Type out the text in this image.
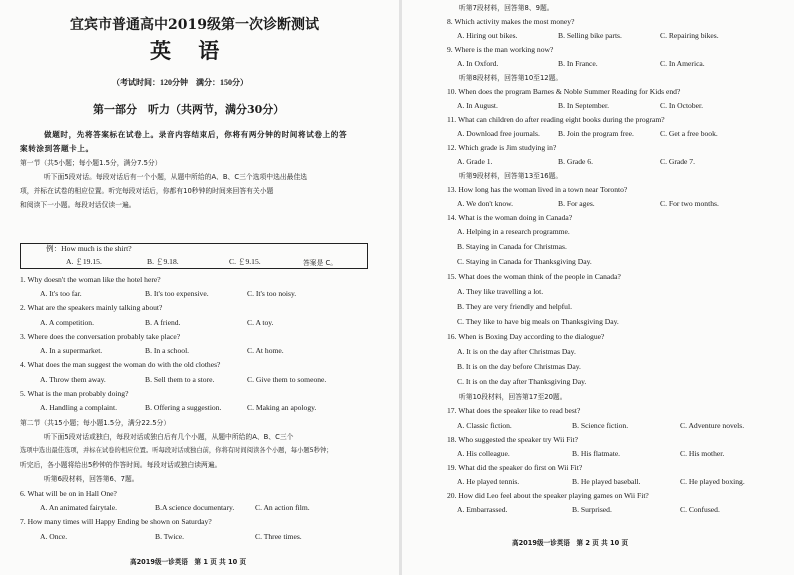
宜宾市普通高中2019级第一次诊断测试
英 语
（考试时间：120分钟　满分：150分）
第一部分　听力（共两节，满分30分）
做题时，先将答案标在试卷上。录音内容结束后，你将有两分钟的时间将试卷上的答
案转涂到答题卡上。
第一节（共5小题；每小题1.5分，满分7.5分）
听下面5段对话。每段对话后有一个小题，从题中所给的A、B、C三个选项中选出最佳选
项，并标在试卷的相应位置。听完每段对话后，你都有10秒钟的时间来回答有关小题
和阅读下一小题。每段对话仅读一遍。
例：How much is the shirt?
A. ￡19.15.	B. ￡9.18.	C. ￡9.15.	答案是 C。
1. Why doesn't the woman like the hotel here?
A. It's too far.	B. It's too expensive.	C. It's too noisy.
2. What are the speakers mainly talking about?
A. A competition.	B. A friend.	C. A toy.
3. Where does the conversation probably take place?
A. In a supermarket.	B. In a school.	C. At home.
4. What does the man suggest the woman do with the old clothes?
A. Throw them away.	B. Sell them to a store.	C. Give them to someone.
5. What is the man probably doing?
A. Handling a complaint.	B. Offering a suggestion.	C. Making an apology.
第二节（共15小题；每小题1.5分，满分22.5分）
听下面5段对话或独白，每段对话或独白后有几个小题，从题中所给的A、B、C三个
选项中选出最佳选项，并标在试卷的相应位置。听每段对话或独白前，你将有时间阅读各个小题，每小题5秒钟；
听完后，各小题将给出5秒钟的作答时间。每段对话或独白读两遍。
听第6段材料，回答第6、7题。
6. What will be on in Hall One?
A. An animated fairytale.	B.A science documentary.	C. An action film.
7. How many times will Happy Ending be shown on Saturday?
A. Once.	B. Twice.	C. Three times.
高2019级一诊英语　第 1 页 共 10 页
听第7段材料，回答第8、9题。
8. Which activity makes the most money?
A. Hiring out bikes.	B. Selling bike parts.	C. Repairing bikes.
9. Where is the man working now?
A. In Oxford.	B. In France.	C. In America.
听第8段材料，回答第10至12题。
10. When does the program Barnes & Noble Summer Reading for Kids end?
A. In August.	B. In September.	C. In October.
11. What can children do after reading eight books during the program?
A. Download free journals. B. Join the program free.	C. Get a free book.
12. Which grade is Jim studying in?
A. Grade 1.	B. Grade 6.	C. Grade 7.
听第9段材料，回答第13至16题。
13. How long has the woman lived in a town near Toronto?
A. We don't know.	B. For ages.	C. For two months.
14. What is the woman doing in Canada?
A. Helping in a research programme.
B. Staying in Canada for Christmas.
C. Staying in Canada for Thanksgiving Day.
15. What does the woman think of the people in Canada?
A. They like travelling a lot.
B. They are very friendly and helpful.
C. They like to have big meals on Thanksgiving Day.
16. When is Boxing Day according to the dialogue?
A. It is on the day after Christmas Day.
B. It is on the day before Christmas Day.
C. It is on the day after Thanksgiving Day.
听第10段材料，回答第17至20题。
17. What does the speaker like to read best?
A. Classic fiction.	B. Science fiction.	C. Adventure novels.
18. Who suggested the speaker try Wii Fit?
A. His colleague.	B. His flatmate.	C. His mother.
19. What did the speaker do first on Wii Fit?
A. He played tennis.	B. He played baseball.	C. He played boxing.
20. How did Leo feel about the speaker playing games on Wii Fit?
A. Embarrassed.	B. Surprised.	C. Confused.
高2019级一诊英语　第 2 页 共 10 页
